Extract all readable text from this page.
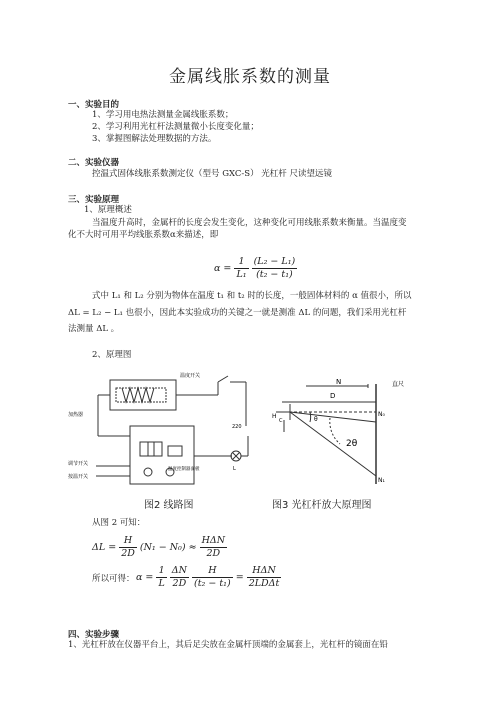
金属线胀系数的测量
一、实验目的
1、学习用电热法测量金属线胀系数；
2、学习利用光杠杆法测量微小长度变化量；
3、掌握图解法处理数据的方法。
二、实验仪器
控温式固体线胀系数测定仪（型号 GXC-S） 光杠杆 尺读望远镜
三、实验原理
1、原理概述
当温度升高时，金属杆的长度会发生变化，这种变化可用线胀系数来衡量。当温度变
化不大时可用平均线胀系数α来描述，即
$\alpha = \frac{1}{\text{L₁}}$
$\frac{\text{(L₂ − L₁)}}{\text{(t₂ − t₁)}}$
式中 L₁ 和 L₂ 分别为物体在温度 t₁ 和 t₂ 时的长度，一般固体材料的 α 值很小，所以
ΔL = L₂ − L₁ 也很小，因此本实验成功的关键之一就是测准 ΔL 的问题，我们采用光杠杆
法测量 ΔL 。
2、原理图
温度开关
加热器
调节开关
按温开关
温度控制器面板
220
L
N	直尺
D
H	N₀
N₁
θ
2θ
C
图2 线路图	图3 光杠杆放大原理图
从图 2 可知：
$\Delta L = \frac{H}{2D} (N_1 - N_0) \approx \frac{\text{HΔN}}{2D}$
所以可得： $\alpha = \frac{1}{L}$
$\frac{\Delta N}{2D}$
$\frac{H}{\text{(t₂ − t₁)}} = \frac{\text{HΔN}}{\text{2LDΔt}}$
四、实验步骤
1、光杠杆放在仪器平台上，其后足尖放在金属杆顶端的金属套上，光杠杆的镜面在铅
